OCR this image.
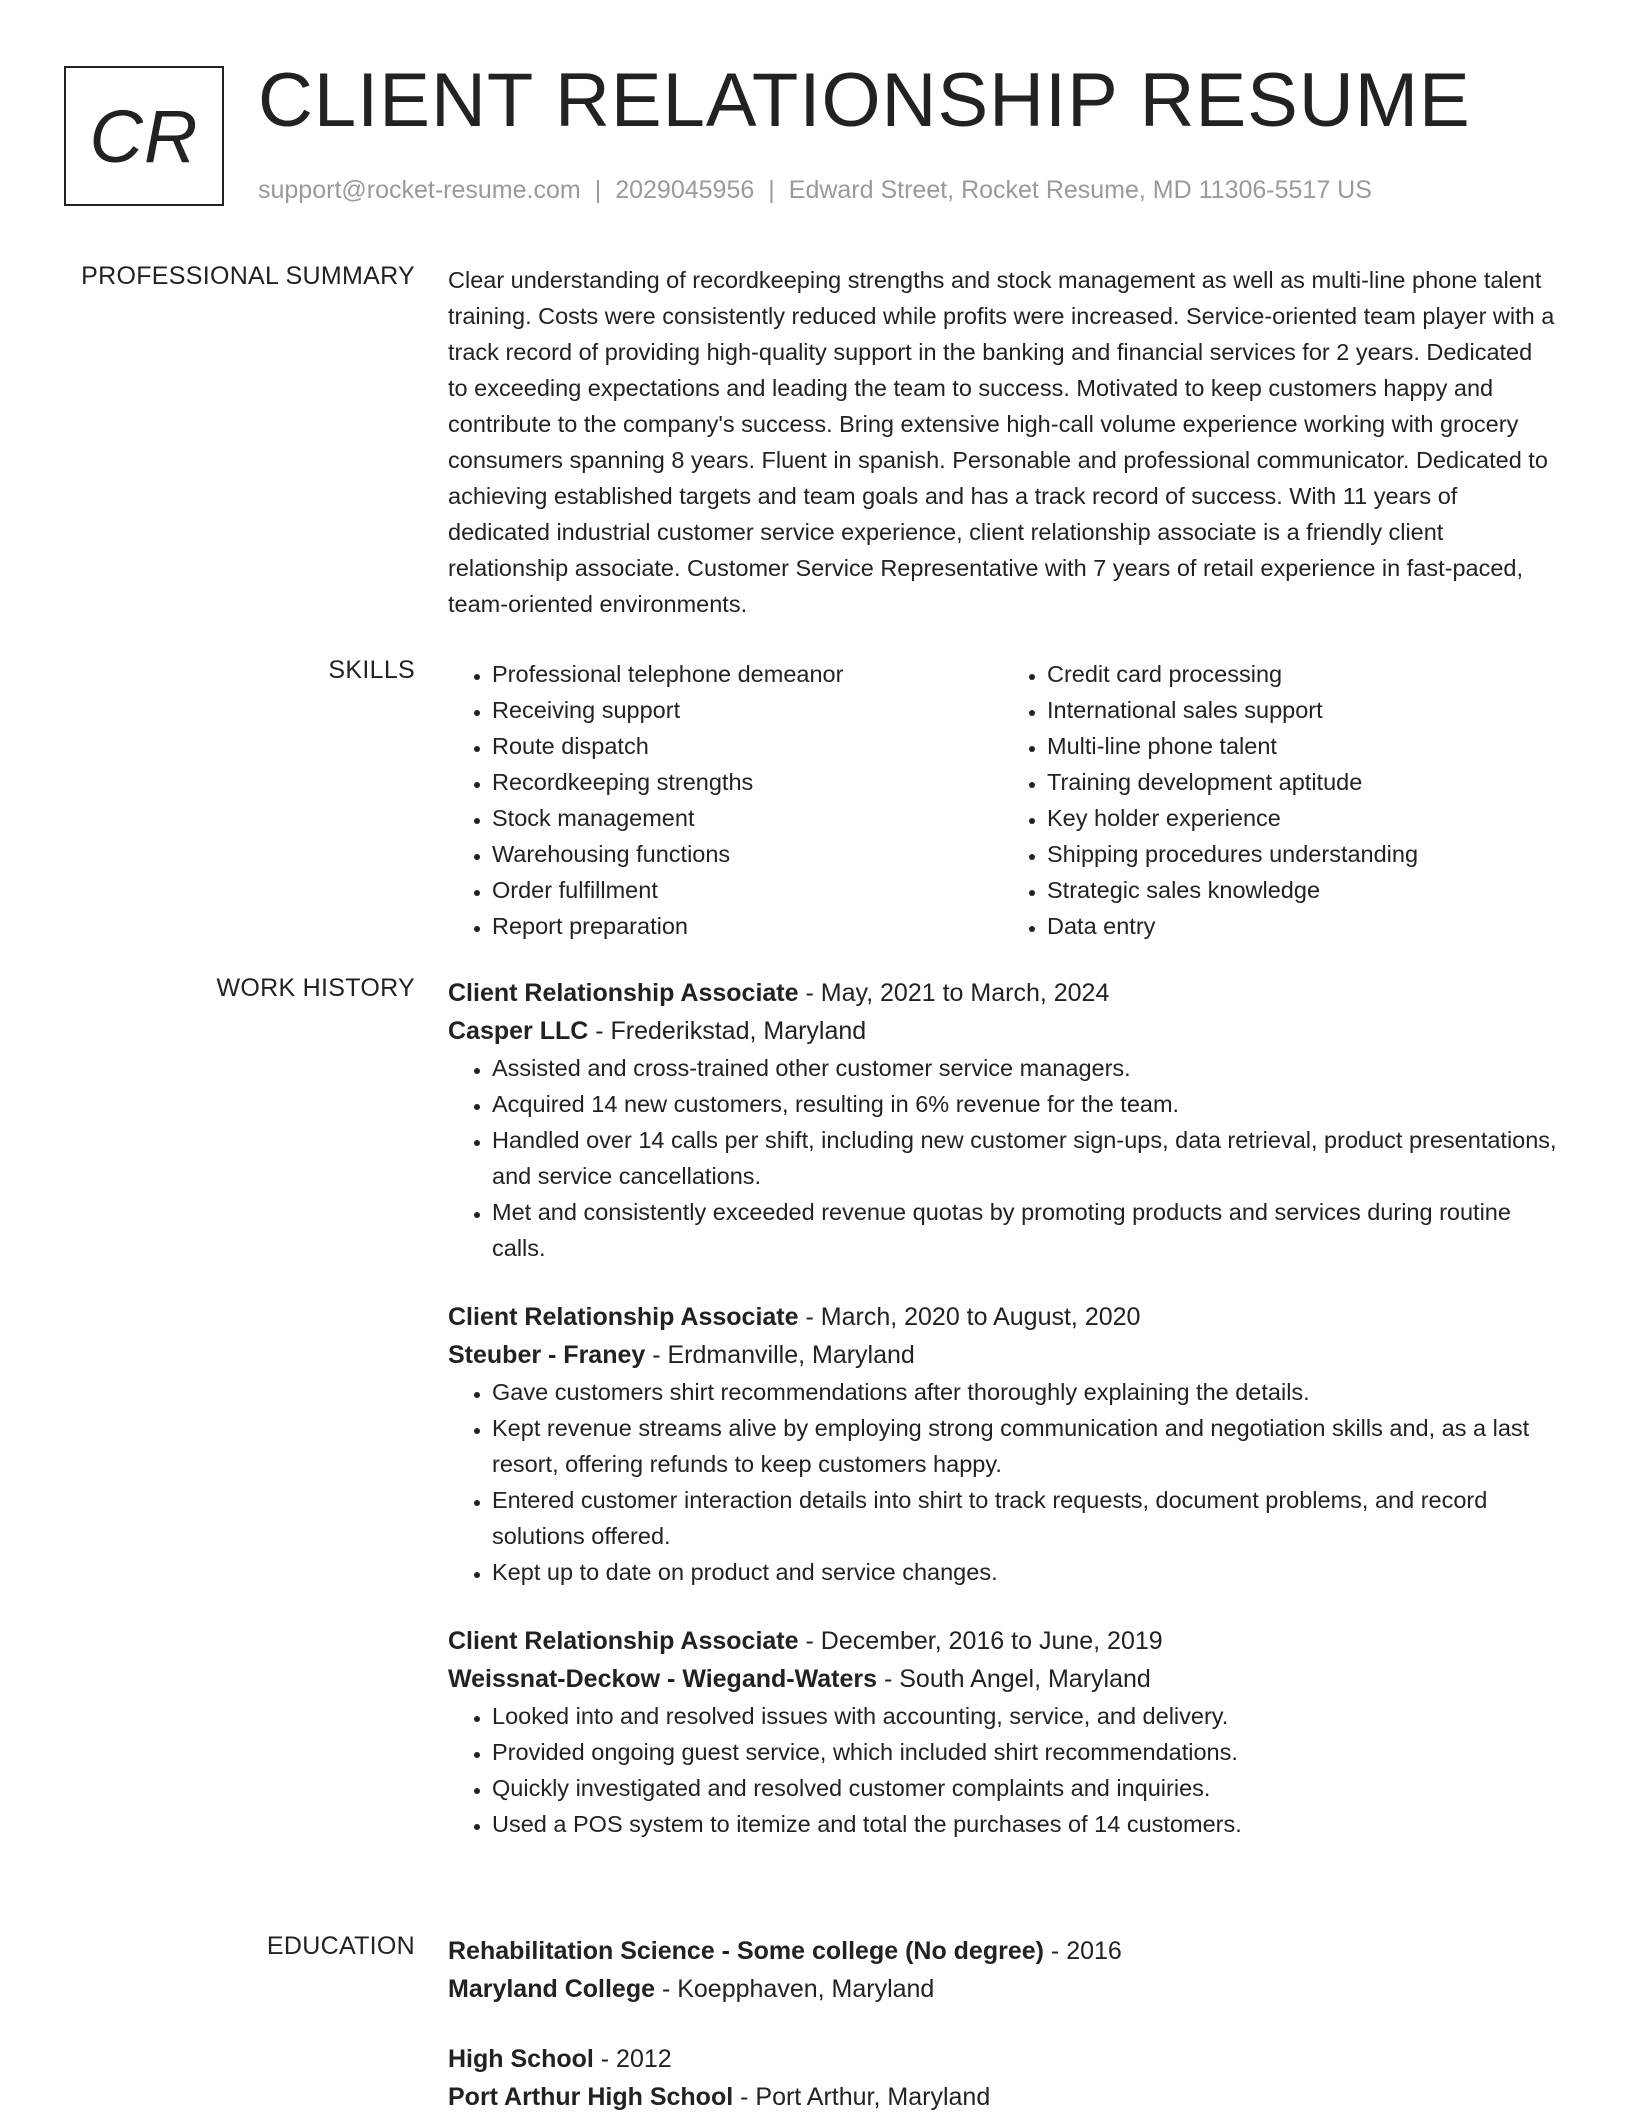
CR CLIENT RELATIONSHIP RESUME
support@rocket-resume.com | 2029045956 | Edward Street, Rocket Resume, MD 11306-5517 US
PROFESSIONAL SUMMARY Clear understanding of recordkeeping strengths and stock management as well as multi-line phone talent training. Costs were consistently reduced while profits were increased. Service-oriented team player with a track record of providing high-quality support in the banking and financial services for 2 years. Dedicated to exceeding expectations and leading the team to success. Motivated to keep customers happy and contribute to the company's success. Bring extensive high-call volume experience working with grocery consumers spanning 8 years. Fluent in spanish. Personable and professional communicator. Dedicated to achieving established targets and team goals and has a track record of success. With 11 years of dedicated industrial customer service experience, client relationship associate is a friendly client relationship associate. Customer Service Representative with 7 years of retail experience in fast-paced, team-oriented environments.

SKILLS
•	Professional telephone demeanor
• Receiving support
• Route dispatch
• Recordkeeping strengths
• Stock management
• Warehousing functions
• Order fulfillment
• Report preparation
• Credit card processing
• International sales support
• Multi-line phone talent
• Training development aptitude
• Key holder experience
• Shipping procedures understanding
• Strategic sales knowledge
• Data entry
WORK HISTORY Client Relationship Associate - May, 2021 to March, 2024
Casper LLC - Frederikstad, Maryland
• Assisted and cross-trained other customer service managers.
• Acquired 14 new customers, resulting in 6% revenue for the team.
• Handled over 14 calls per shift, including new customer sign-ups, data retrieval, product presentations, and service cancellations.
• Met and consistently exceeded revenue quotas by promoting products and services during routine calls.
Client Relationship Associate - March, 2020 to August, 2020
Steuber - Franey - Erdmanville, Maryland
• Gave customers shirt recommendations after thoroughly explaining the details.
• Kept revenue streams alive by employing strong communication and negotiation skills and, as a last resort, offering refunds to keep customers happy.
• Entered customer interaction details into shirt to track requests, document problems, and record solutions offered.
• Kept up to date on product and service changes.
Client Relationship Associate - December, 2016 to June, 2019
Weissnat-Deckow - Wiegand-Waters - South Angel, Maryland
• Looked into and resolved issues with accounting, service, and delivery.
• Provided ongoing guest service, which included shirt recommendations.
• Quickly investigated and resolved customer complaints and inquiries.
• Used a POS system to itemize and total the purchases of 14 customers.
EDUCATION Rehabilitation Science - Some college (No degree) - 2016
Maryland College - Koepphaven, Maryland
High School - 2012
Port Arthur High School - Port Arthur, Maryland
